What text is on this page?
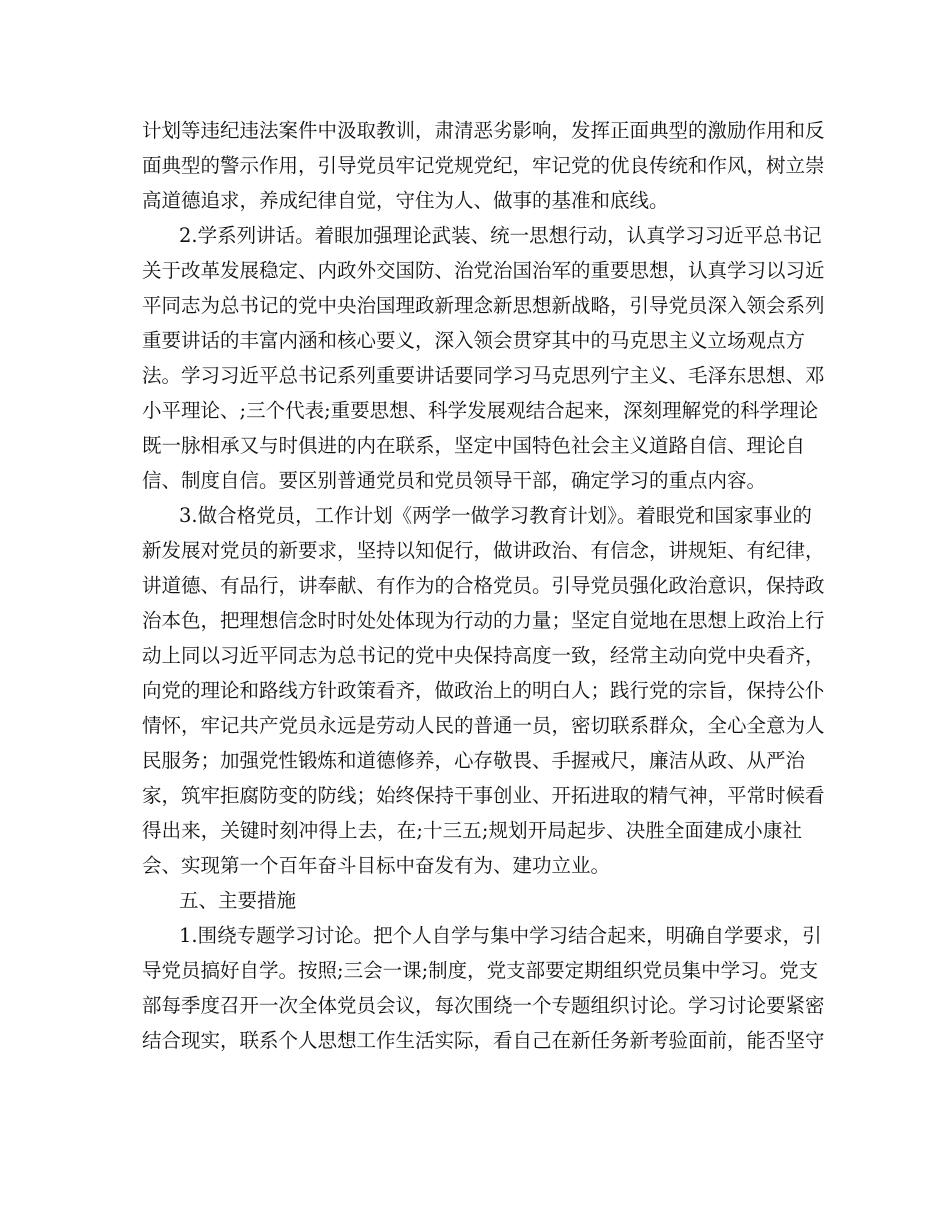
计划等违纪违法案件中汲取教训，肃清恶劣影响，发挥正面典型的激励作用和反
面典型的警示作用，引导党员牢记党规党纪，牢记党的优良传统和作风，树立崇
高道德追求，养成纪律自觉，守住为人、做事的基准和底线。
2.学系列讲话。着眼加强理论武装、统一思想行动，认真学习习近平总书记
关于改革发展稳定、内政外交国防、治党治国治军的重要思想，认真学习以习近
平同志为总书记的党中央治国理政新理念新思想新战略，引导党员深入领会系列
重要讲话的丰富内涵和核心要义，深入领会贯穿其中的马克思主义立场观点方
法。学习习近平总书记系列重要讲话要同学习马克思列宁主义、毛泽东思想、邓
小平理论、;三个代表;重要思想、科学发展观结合起来，深刻理解党的科学理论
既一脉相承又与时俱进的内在联系，坚定中国特色社会主义道路自信、理论自
信、制度自信。要区别普通党员和党员领导干部，确定学习的重点内容。
3.做合格党员，工作计划《两学一做学习教育计划》。着眼党和国家事业的
新发展对党员的新要求，坚持以知促行，做讲政治、有信念，讲规矩、有纪律，
讲道德、有品行，讲奉献、有作为的合格党员。引导党员强化政治意识，保持政
治本色，把理想信念时时处处体现为行动的力量；坚定自觉地在思想上政治上行
动上同以习近平同志为总书记的党中央保持高度一致，经常主动向党中央看齐，
向党的理论和路线方针政策看齐，做政治上的明白人；践行党的宗旨，保持公仆
情怀，牢记共产党员永远是劳动人民的普通一员，密切联系群众，全心全意为人
民服务；加强党性锻炼和道德修养，心存敬畏、手握戒尺，廉洁从政、从严治
家，筑牢拒腐防变的防线；始终保持干事创业、开拓进取的精气神，平常时候看
得出来，关键时刻冲得上去，在;十三五;规划开局起步、决胜全面建成小康社
会、实现第一个百年奋斗目标中奋发有为、建功立业。
五、主要措施
1.围绕专题学习讨论。把个人自学与集中学习结合起来，明确自学要求，引
导党员搞好自学。按照;三会一课;制度，党支部要定期组织党员集中学习。党支
部每季度召开一次全体党员会议，每次围绕一个专题组织讨论。学习讨论要紧密
结合现实，联系个人思想工作生活实际，看自己在新任务新考验面前，能否坚守
